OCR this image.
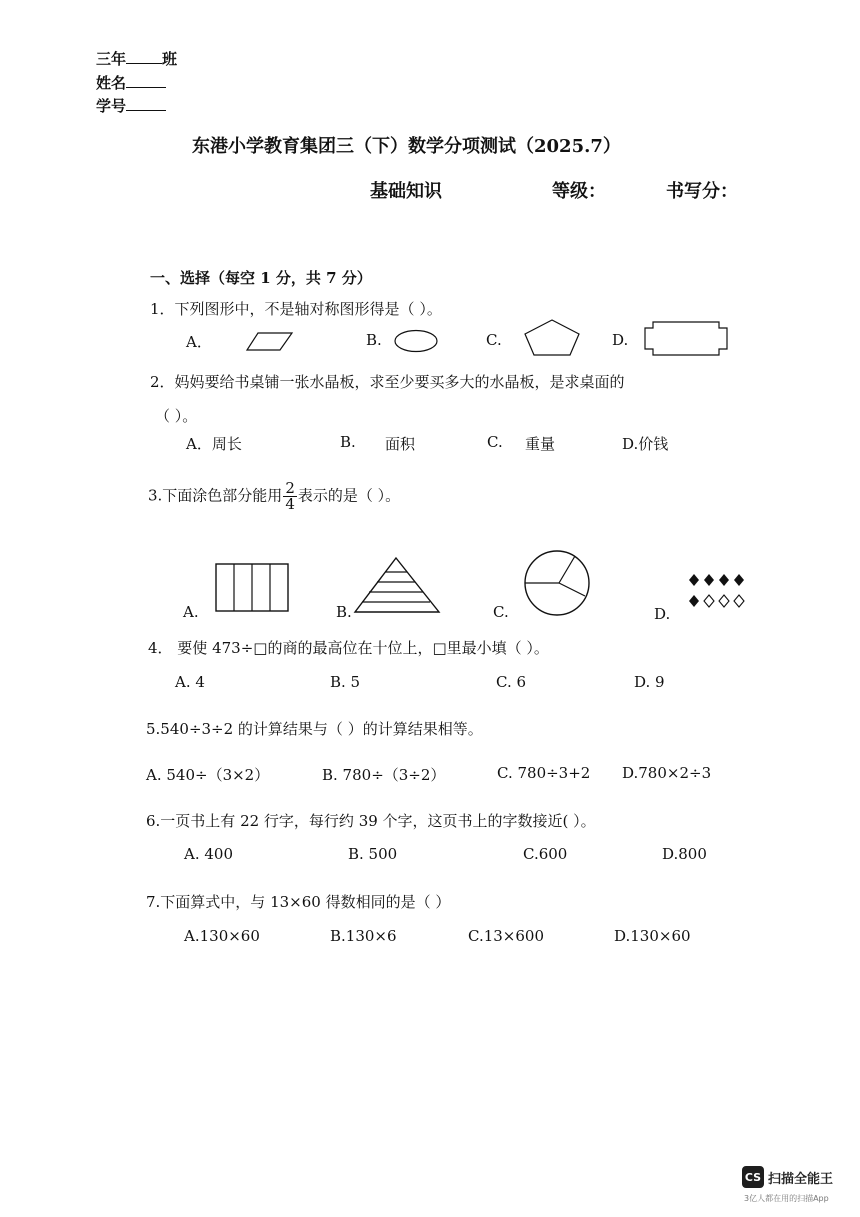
三年 班
姓名
学号
东港小学教育集团三（下）数学分项测试（2025.7）
基础知识	等级：	书写分：
一、选择（每空 1 分，共 7 分）
1．下列图形中，不是轴对称图形得是（ ）。
A．	B.	C.	D.
2．妈妈要给书桌铺一张水晶板，求至少要买多大的水晶板，是求桌面的
（ ）。
A．周长	B. 面积	C. 重量	D.价钱
3.下面涂色部分能用 $\frac{2}{4}$ 表示的是（ ）。
A.	B.	C.	D.
4． 要使 473÷□的商的最高位在十位上，□里最小填（ ）。
A. 4	B. 5	C. 6	D. 9
5.540÷3÷2 的计算结果与（ ）的计算结果相等。
A. 540÷（3×2）	B. 780÷（3÷2）	C. 780÷3+2 D.780×2÷3
6.一页书上有 22 行字，每行约 39 个字，这页书上的字数接近( ）。
A. 400	B. 500	C.600	D.800
7.下面算式中，与 13×60 得数相同的是（ ）
A.130×60	B.130×6	C.13×600	D.130×60
CS 扫描全能王
3亿人都在用的扫描App
